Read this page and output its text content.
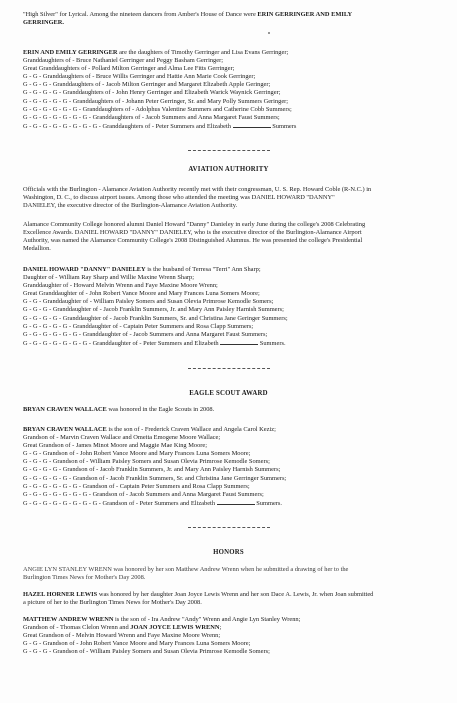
"High Silver" for Lyrical. Among the nineteen dancers from Amber's House of Dance were ERIN GERRINGER AND EMILY
GERRINGER.

ERIN AND EMILY GERRINGER are the daughters of Timothy Gerringer and Lisa Evans Gerringer;
Granddaughters of - Bruce Nathaniel Gerringer and Peggy Basham Gerringer;
Great Granddaughters of - Pollard Milton Gerringer and Alma Lee Fitts Gerringer;
G - G - Granddaughters of - Bruce Willis Gerringer and Hattie Ann Marie Cook Gerringer;
G - G - G - Granddaughters of - Jacob Milton Gerringer and Margaret Elizabeth Apple Geringer;
G - G - G - G - Granddaughters of - John Henry Gerringer and Elizabeth Warick Waynick Gerringer;
G - G - G - G - G - Granddaughters of - Johann Peter Gerringer, Sr. and Mary Polly Summers Geringer;
G - G - G - G - G - G - Granddaughters of - Adolphus Valentine Summers and Catherine Cobb Summers;
G - G - G - G - G - G - G - Granddaughters of - Jacob Summers and Anna Margaret Faust Summers;
G - G - G - G - G - G - G - G - Granddaughters of - Peter Summers and Elizabeth	Summers

AVIATION AUTHORITY

Officials with the Burlington - Alamance Aviation Authority recently met with their congressman, U. S. Rep. Howard Coble (R-N.C.) in
Washington, D. C., to discuss airport issues. Among those who attended the meeting was DANIEL HOWARD "DANNY"
DANIELEY, the executive director of the Burlington-Alamance Aviation Authority.

Alamance Community College honored alumni Daniel Howard "Danny" Danieley in early June during the college's 2008 Celebrating
Excellence Awards. DANIEL HOWARD "DANNY" DANIELEY, who is the executive director of the Burlington-Alamance Airport
Authority, was named the Alamance Community College's 2008 Distinguished Alumnus. He was presented the college's Presidential
Medallion.

DANIEL HOWARD "DANNY" DANIELEY is the husband of Terresa "Terri" Ann Sharp;
Daughter of - William Ray Sharp and Willie Maxine Wrenn Sharp;
Granddaughter of - Howard Melvin Wrenn and Faye Maxine Moore Wrenn;
Great Granddaughter of - John Robert Vance Moore and Mary Frances Luna Somers Moore;
G - G - Granddaughter of - William Paisley Somers and Susan Olevia Primrose Kemodle Somers;
G - G - G - Granddaughter of - Jacob Franklin Summers, Jr. and Mary Ann Paisley Harnish Summers;
G - G - G - G - Granddaughter of - Jacob Franklin Summers, Sr. and Christina Jane Geringer Summers;
G - G - G - G - G - Granddaughter of - Captain Peter Summers and Rosa Clapp Summers;
G - G - G - G - G - G - Granddaughter of - Jacob Summers and Anna Margaret Faust Summers;
G - G - G - G - G - G - G - Granddaughter of - Peter Summers and Elizabeth	Summers.

EAGLE SCOUT AWARD

BRYAN CRAVEN WALLACE was honored in the Eagle Scouts in 2008.

BRYAN CRAVEN WALLACE is the son of - Frederick Craven Wallace and Angela Carol Keziz;
Grandson of - Marvin Craven Wallace and Omeita Emogene Moore Wallace;
Great Grandson of - James Minot Moore and Maggie Mae King Moore;
G - G - Grandson of - John Robert Vance Moore and Mary Frances Luna Somers Moore;
G - G - G - Grandson of - William Paisley Somers and Susan Olevia Primrose Kemodle Somers;
G - G - G - G - Grandson of - Jacob Franklin Summers, Jr. and Mary Ann Paisley Harnish Summers;
G - G - G - G - G - Grandson of - Jacob Franklin Summers, Sr. and Christina Jane Gerringer Summers;
G - G - G - G - G - G - Grandson of - Captain Peter Summers and Rosa Clapp Summers;
G - G - G - G - G - G - G - Grandson of - Jacob Summers and Anna Margaret Faust Summers;
G - G - G - G - G - G - G - G - Grandson of - Peter Summers and Elizabeth	Summers.

HONORS

ANGIE LYN STANLEY WRENN was honored by her son Matthew Andrew Wrenn when he submitted a drawing of her to the
Burlington Times News for Mother's Day 2008.

HAZEL HORNER LEWIS was honored by her daughter Joan Joyce Lewis Wrenn and her son Dace A. Lewis, Jr. when Joan submitted
a picture of her to the Burlington Times News for Mother's Day 2008.

MATTHEW ANDREW WRENN is the son of - Ira Andrew "Andy" Wrenn and Angie Lyn Stanley Wrenn;
Grandson of - Thomas Clelon Wrenn and JOAN JOYCE LEWIS WRENN;
Great Grandson of - Melvin Howard Wrenn and Faye Maxine Moore Wrenn;
G - G - Grandson of - John Robert Vance Moore and Mary Frances Luna Somers Moore;
G - G - G - Grandson of - William Paisley Somers and Susan Olevia Primrose Kemodle Somers;
